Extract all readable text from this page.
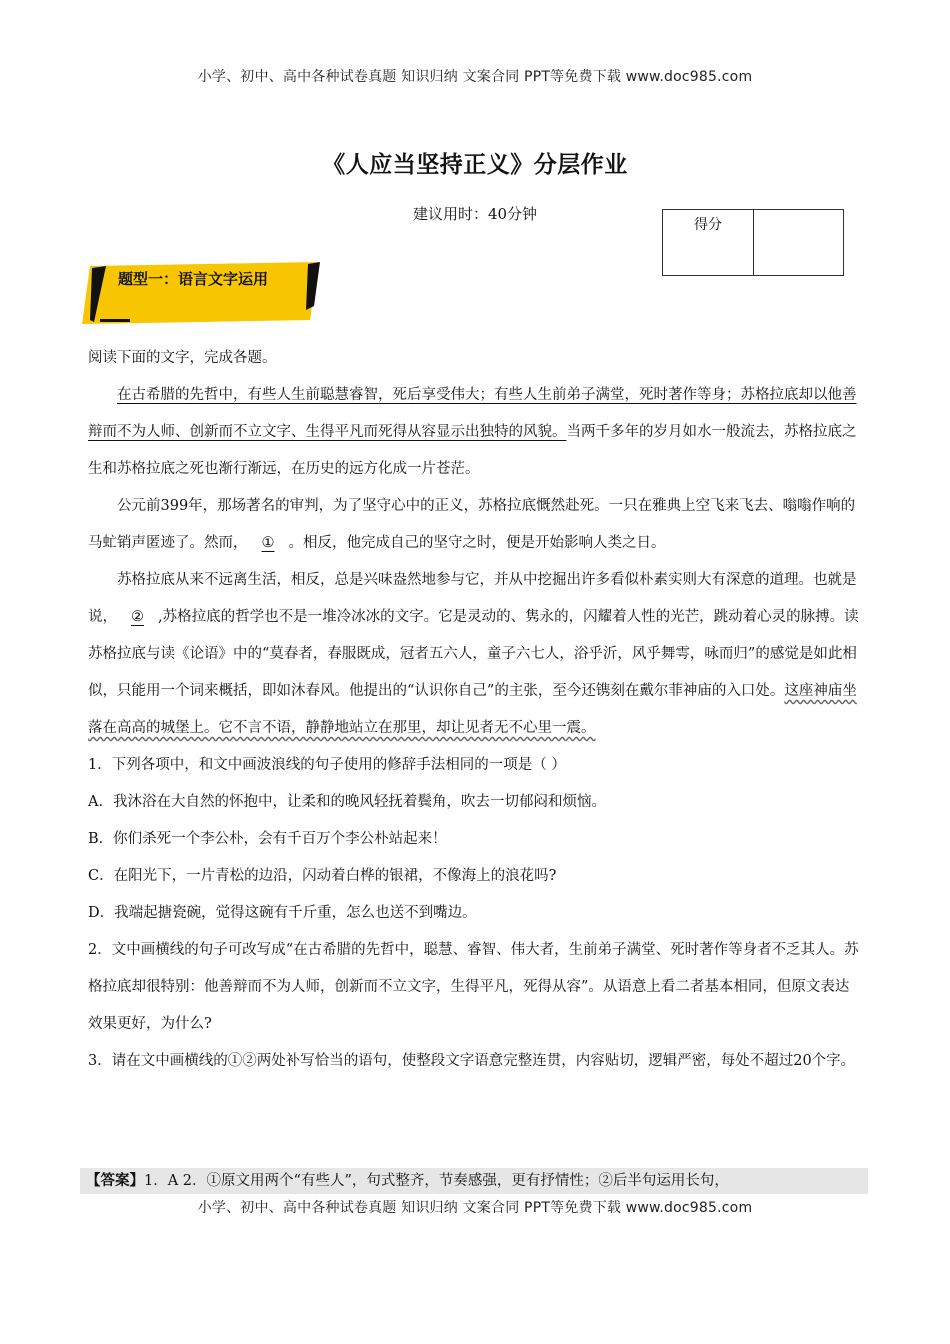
小学、初中、高中各种试卷真题 知识归纳 文案合同 PPT等免费下载 www.doc985.com
《人应当坚持正义》分层作业
建议用时：40分钟
得分
题型一：语言文字运用

阅读下面的文字，完成各题。

在古希腊的先哲中，有些人生前聪慧睿智，死后享受伟大；有些人生前弟子满堂，死时著作等身；苏格拉底却以他善辩而不为人师、创新而不立文字、生得平凡而死得从容显示出独特的风貌。当两千多年的岁月如水一般流去，苏格拉底之生和苏格拉底之死也渐行渐远，在历史的远方化成一片苍茫。

公元前399年，那场著名的审判，为了坚守心中的正义，苏格拉底慨然赴死。一只在雅典上空飞来飞去、嗡嗡作响的马虻销声匿迹了。然而， ① 。相反，他完成自己的坚守之时，便是开始影响人类之日。

苏格拉底从来不远离生活，相反，总是兴味盎然地参与它，并从中挖掘出许多看似朴素实则大有深意的道理。也就是说， ② ,苏格拉底的哲学也不是一堆冷冰冰的文字。它是灵动的、隽永的，闪耀着人性的光芒，跳动着心灵的脉搏。读苏格拉底与读《论语》中的“莫春者，春服既成，冠者五六人，童子六七人，浴乎沂，风乎舞雩，咏而归”的感觉是如此相似，只能用一个词来概括，即如沐春风。他提出的“认识你自己”的主张，至今还镌刻在戴尔菲神庙的入口处。这座神庙坐落在高高的城堡上。它不言不语，静静地站立在那里，却让见者无不心里一震。

1．下列各项中，和文中画波浪线的句子使用的修辞手法相同的一项是（ ）

A．我沐浴在大自然的怀抱中，让柔和的晚风轻抚着鬓角，吹去一切郁闷和烦恼。

B．你们杀死一个李公朴，会有千百万个李公朴站起来！

C．在阳光下，一片青松的边沿，闪动着白桦的银裙，不像海上的浪花吗?

D．我端起搪瓷碗，觉得这碗有千斤重，怎么也送不到嘴边。

2．文中画横线的句子可改写成“在古希腊的先哲中，聪慧、睿智、伟大者，生前弟子满堂、死时著作等身者不乏其人。苏格拉底却很特别：他善辩而不为人师，创新而不立文字，生得平凡，死得从容”。从语意上看二者基本相同，但原文表达效果更好，为什么?

3．请在文中画横线的①②两处补写恰当的语句，使整段文字语意完整连贯，内容贴切，逻辑严密，每处不超过20个字。

【答案】1．A 2．①原文用两个“有些人”，句式整齐，节奏感强，更有抒情性；②后半句运用长句，
小学、初中、高中各种试卷真题 知识归纳 文案合同 PPT等免费下载 www.doc985.com
